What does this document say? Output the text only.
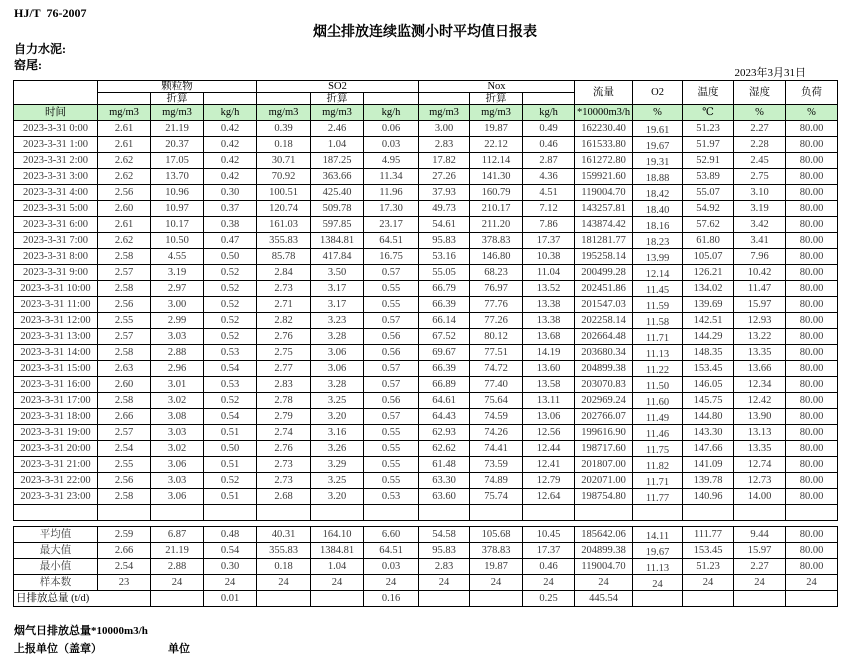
HJ/T  76-2007
烟尘排放连续监测小时平均值日报表
自力水泥:
窑尾:
2023年3月31日
	颗粒物			SO2			Nox			流量	O2	温度	湿度	负荷
		折算			折算			折算						
时间	mg/m3	mg/m3	kg/h	mg/m3	mg/m3	kg/h	mg/m3	mg/m3	kg/h	*10000m3/h	%	℃	%	%
2023-3-31 0:00	2.61	21.19	0.42	0.39	2.46	0.06	3.00	19.87	0.49	162230.40	19.61	51.23	2.27	80.00
2023-3-31 1:00	2.61	20.37	0.42	0.18	1.04	0.03	2.83	22.12	0.46	161533.80	19.67	51.97	2.28	80.00
2023-3-31 2:00	2.62	17.05	0.42	30.71	187.25	4.95	17.82	112.14	2.87	161272.80	19.31	52.91	2.45	80.00
2023-3-31 3:00	2.62	13.70	0.42	70.92	363.66	11.34	27.26	141.30	4.36	159921.60	18.88	53.89	2.75	80.00
2023-3-31 4:00	2.56	10.96	0.30	100.51	425.40	11.96	37.93	160.79	4.51	119004.70	18.42	55.07	3.10	80.00
2023-3-31 5:00	2.60	10.97	0.37	120.74	509.78	17.30	49.73	210.17	7.12	143257.81	18.40	54.92	3.19	80.00
2023-3-31 6:00	2.61	10.17	0.38	161.03	597.85	23.17	54.61	211.20	7.86	143874.42	18.16	57.62	3.42	80.00
2023-3-31 7:00	2.62	10.50	0.47	355.83	1384.81	64.51	95.83	378.83	17.37	181281.77	18.23	61.80	3.41	80.00
2023-3-31 8:00	2.58	4.55	0.50	85.78	417.84	16.75	53.16	146.80	10.38	195258.14	13.99	105.07	7.96	80.00
2023-3-31 9:00	2.57	3.19	0.52	2.84	3.50	0.57	55.05	68.23	11.04	200499.28	12.14	126.21	10.42	80.00
2023-3-31 10:00	2.58	2.97	0.52	2.73	3.17	0.55	66.79	76.97	13.52	202451.86	11.45	134.02	11.47	80.00
2023-3-31 11:00	2.56	3.00	0.52	2.71	3.17	0.55	66.39	77.76	13.38	201547.03	11.59	139.69	15.97	80.00
2023-3-31 12:00	2.55	2.99	0.52	2.82	3.23	0.57	66.14	77.26	13.38	202258.14	11.58	142.51	12.93	80.00
2023-3-31 13:00	2.57	3.03	0.52	2.76	3.28	0.56	67.52	80.12	13.68	202664.48	11.71	144.29	13.22	80.00
2023-3-31 14:00	2.58	2.88	0.53	2.75	3.06	0.56	69.67	77.51	14.19	203680.34	11.13	148.35	13.35	80.00
2023-3-31 15:00	2.63	2.96	0.54	2.77	3.06	0.57	66.39	74.72	13.60	204899.38	11.22	153.45	13.66	80.00
2023-3-31 16:00	2.60	3.01	0.53	2.83	3.28	0.57	66.89	77.40	13.58	203070.83	11.50	146.05	12.34	80.00
2023-3-31 17:00	2.58	3.02	0.52	2.78	3.25	0.56	64.61	75.64	13.11	202969.24	11.60	145.75	12.42	80.00
2023-3-31 18:00	2.66	3.08	0.54	2.79	3.20	0.57	64.43	74.59	13.06	202766.07	11.49	144.80	13.90	80.00
2023-3-31 19:00	2.57	3.03	0.51	2.74	3.16	0.55	62.93	74.26	12.56	199616.90	11.46	143.30	13.13	80.00
2023-3-31 20:00	2.54	3.02	0.50	2.76	3.26	0.55	62.62	74.41	12.44	198717.60	11.75	147.66	13.35	80.00
2023-3-31 21:00	2.55	3.06	0.51	2.73	3.29	0.55	61.48	73.59	12.41	201807.00	11.82	141.09	12.74	80.00
2023-3-31 22:00	2.56	3.03	0.52	2.73	3.25	0.55	63.30	74.89	12.79	202071.00	11.71	139.78	12.73	80.00
2023-3-31 23:00	2.58	3.06	0.51	2.68	3.20	0.53	63.60	75.74	12.64	198754.80	11.77	140.96	14.00	80.00

平均值	2.59	6.87	0.48	40.31	164.10	6.60	54.58	105.68	10.45	185642.06	14.11	111.77	9.44	80.00
最大值	2.66	21.19	0.54	355.83	1384.81	64.51	95.83	378.83	17.37	204899.38	19.67	153.45	15.97	80.00
最小值	2.54	2.88	0.30	0.18	1.04	0.03	2.83	19.87	0.46	119004.70	11.13	51.23	2.27	80.00
样本数	23	24	24	24	24	24	24	24	24	24	24	24	24	24
日排放总量 (t/d)			0.01			0.16			0.25	445.54				
烟气日排放总量*10000m3/h
上报单位（盖章）	单位
